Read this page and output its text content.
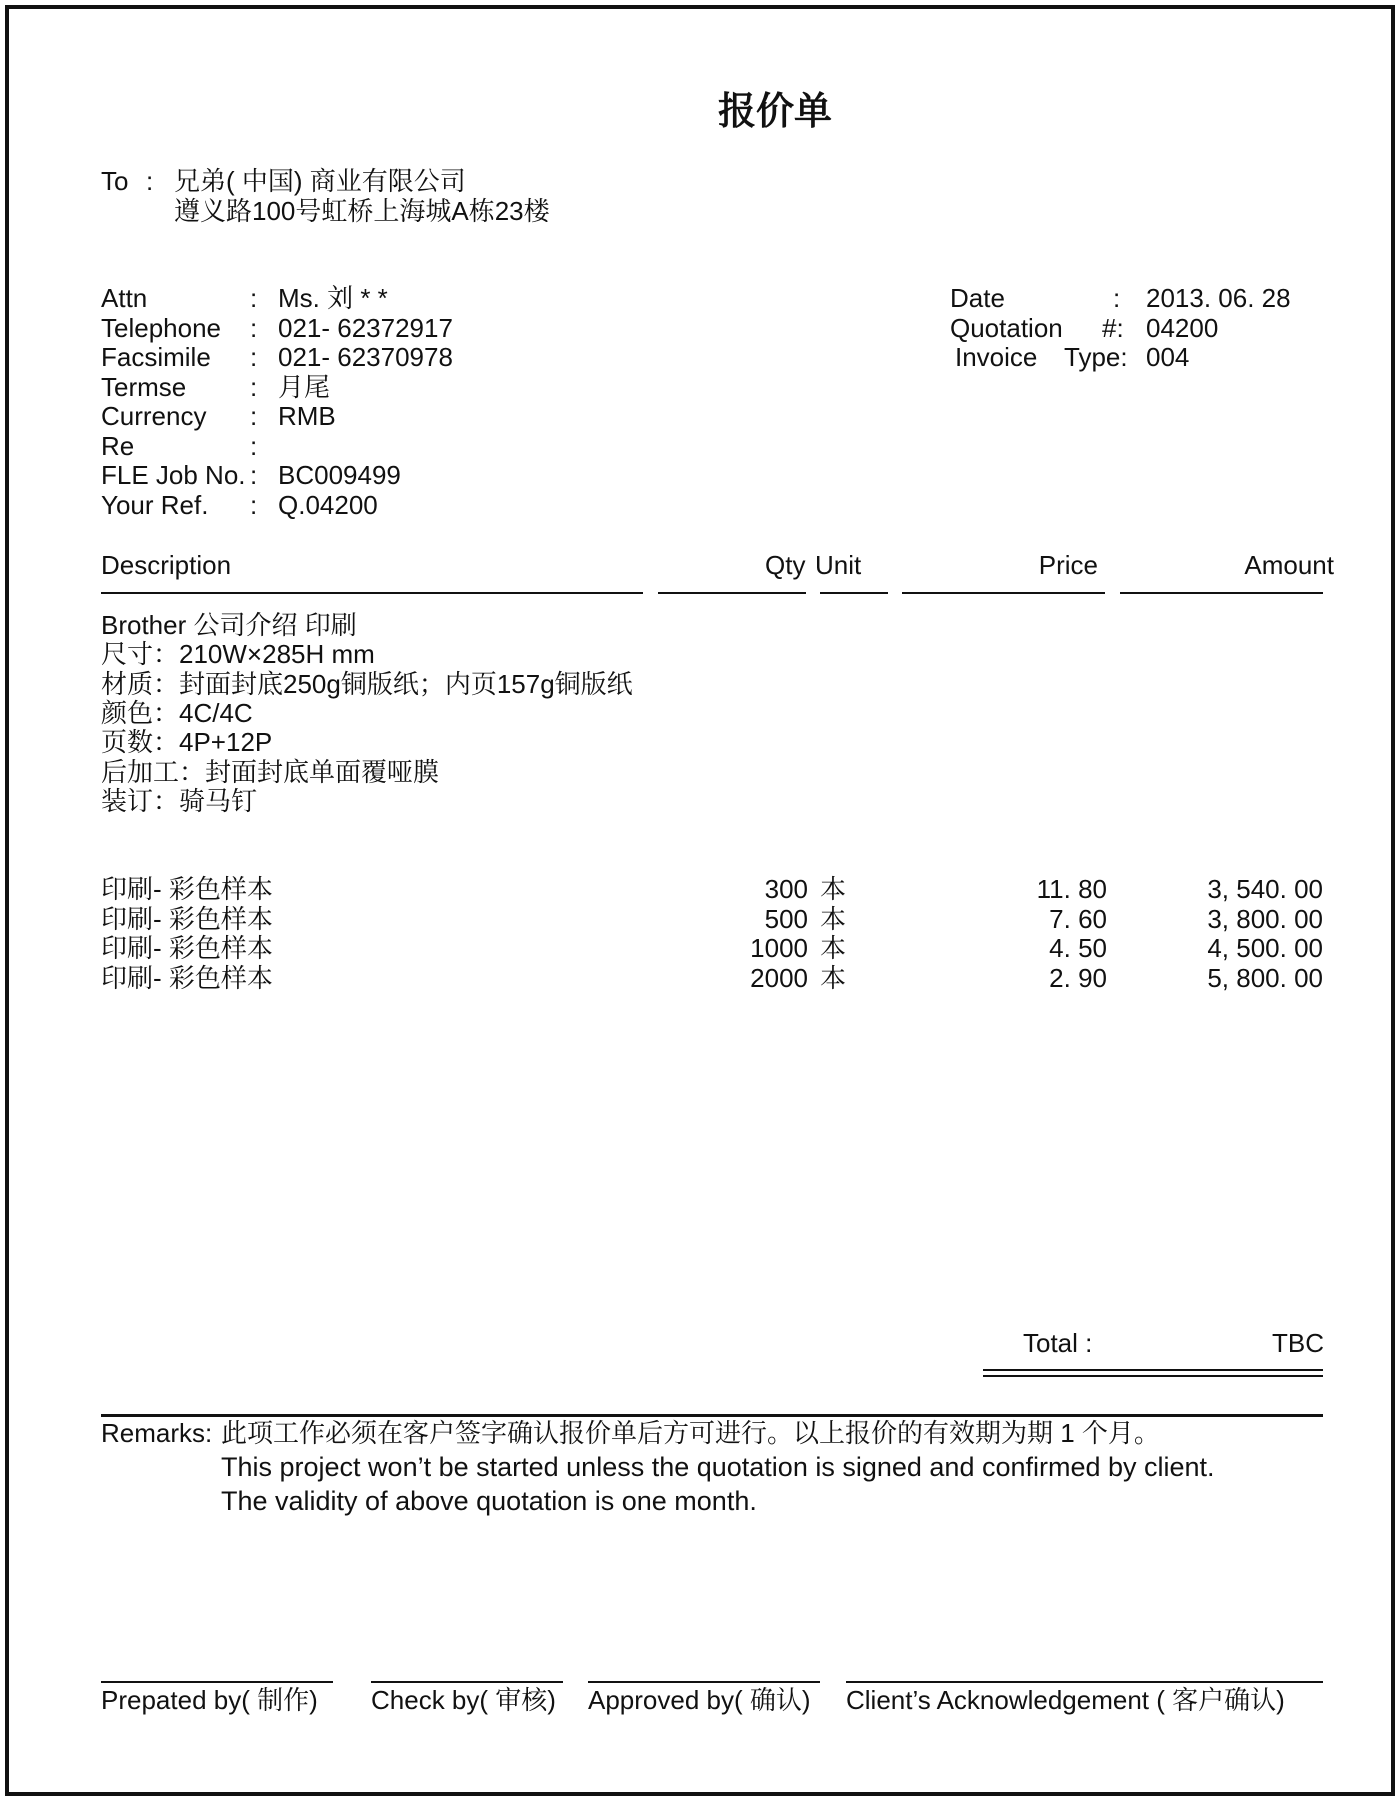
报价单
To : 兄弟( 中国) 商业有限公司
遵义路100号虹桥上海城A栋23楼
Attn	: Ms. 刘 * *
Telephone : 021- 62372917
Facsimile : 021- 62370978
Termse : 月尾
Currency : RMB
Re	:
FLE Job No. : BC009499
Your Ref. : Q.04200
Date	: 2013. 06. 28
Quotation #: 04200
Invoice Type: 004
Description	Qty Unit	Price	Amount
Brother 公司介绍 印刷
尺寸：210W×285H mm
材质：封面封底250g铜版纸；内页157g铜版纸
颜色：4C/4C
页数：4P+12P
后加工：封面封底单面覆哑膜
装订：骑马钉
印刷- 彩色样本	300 本	11. 80	3, 540. 00
印刷- 彩色样本	500 本	7. 60	3, 800. 00
印刷- 彩色样本	1000 本	4. 50	4, 500. 00
印刷- 彩色样本	2000 本	2. 90	5, 800. 00
Total :	TBC
Remarks: 此项工作必须在客户签字确认报价单后方可进行。以上报价的有效期为期 1 个月。
This project won’t be started unless the quotation is signed and confirmed by client.
The validity of above quotation is one month.
Prepated by( 制作) Check by( 审核) Approved by( 确认) Client’s Acknowledgement ( 客户确认)
